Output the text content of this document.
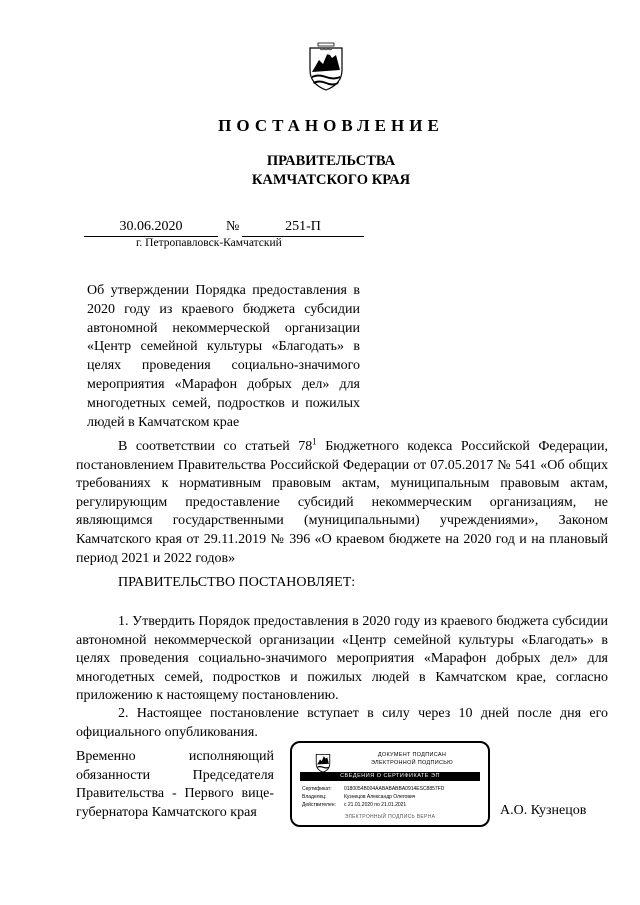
ПОСТАНОВЛЕНИЕ
ПРАВИТЕЛЬСТВА
КАМЧАТСКОГО КРАЯ
30.06.2020	№	251-П
г. Петропавловск-Камчатский
Об утверждении Порядка предоставления в 2020 году из краевого бюджета субсидии автономной некоммерческой организации «Центр семейной культуры «Благодать» в целях проведения социально-значимого мероприятия «Марафон добрых дел» для многодетных семей, подростков и пожилых людей в Камчатском крае
В соответствии со статьей $78^1$ Бюджетного кодекса Российской Федерации, постановлением Правительства Российской Федерации от 07.05.2017 № 541 «Об общих требованиях к нормативным правовым актам, муниципальным правовым актам, регулирующим предоставление субсидий некоммерческим организациям, не являющимся государственными (муниципальными) учреждениями», Законом Камчатского края от 29.11.2019 № 396 «О краевом бюджете на 2020 год и на плановый период 2021 и 2022 годов»
ПРАВИТЕЛЬСТВО ПОСТАНОВЛЯЕТ:
1. Утвердить Порядок предоставления в 2020 году из краевого бюджета субсидии автономной некоммерческой организации «Центр семейной культуры «Благодать» в целях проведения социально-значимого мероприятия «Марафон добрых дел» для многодетных семей, подростков и пожилых людей в Камчатском крае, согласно приложению к настоящему постановлению.
2. Настоящее постановление вступает в силу через 10 дней после дня его официального опубликования.
Временно исполняющий обязанности Председателя Правительства - Первого вице-губернатора Камчатского края
ДОКУМЕНТ ПОДПИСАН
ЭЛЕКТРОННОЙ ПОДПИСЬЮ
СВЕДЕНИЯ О СЕРТИФИКАТЕ ЭП
Сертификат: 0180054B004AABABABBA0914ESC8857FD
Владелец:	Кузнецов Александр Олегович
Действителен: с 21.01.2020 по 21.01.2021
ЭЛЕКТРОННЫЙ ПОДПИСЬ ВЕРНА	А.О. Кузнецов
